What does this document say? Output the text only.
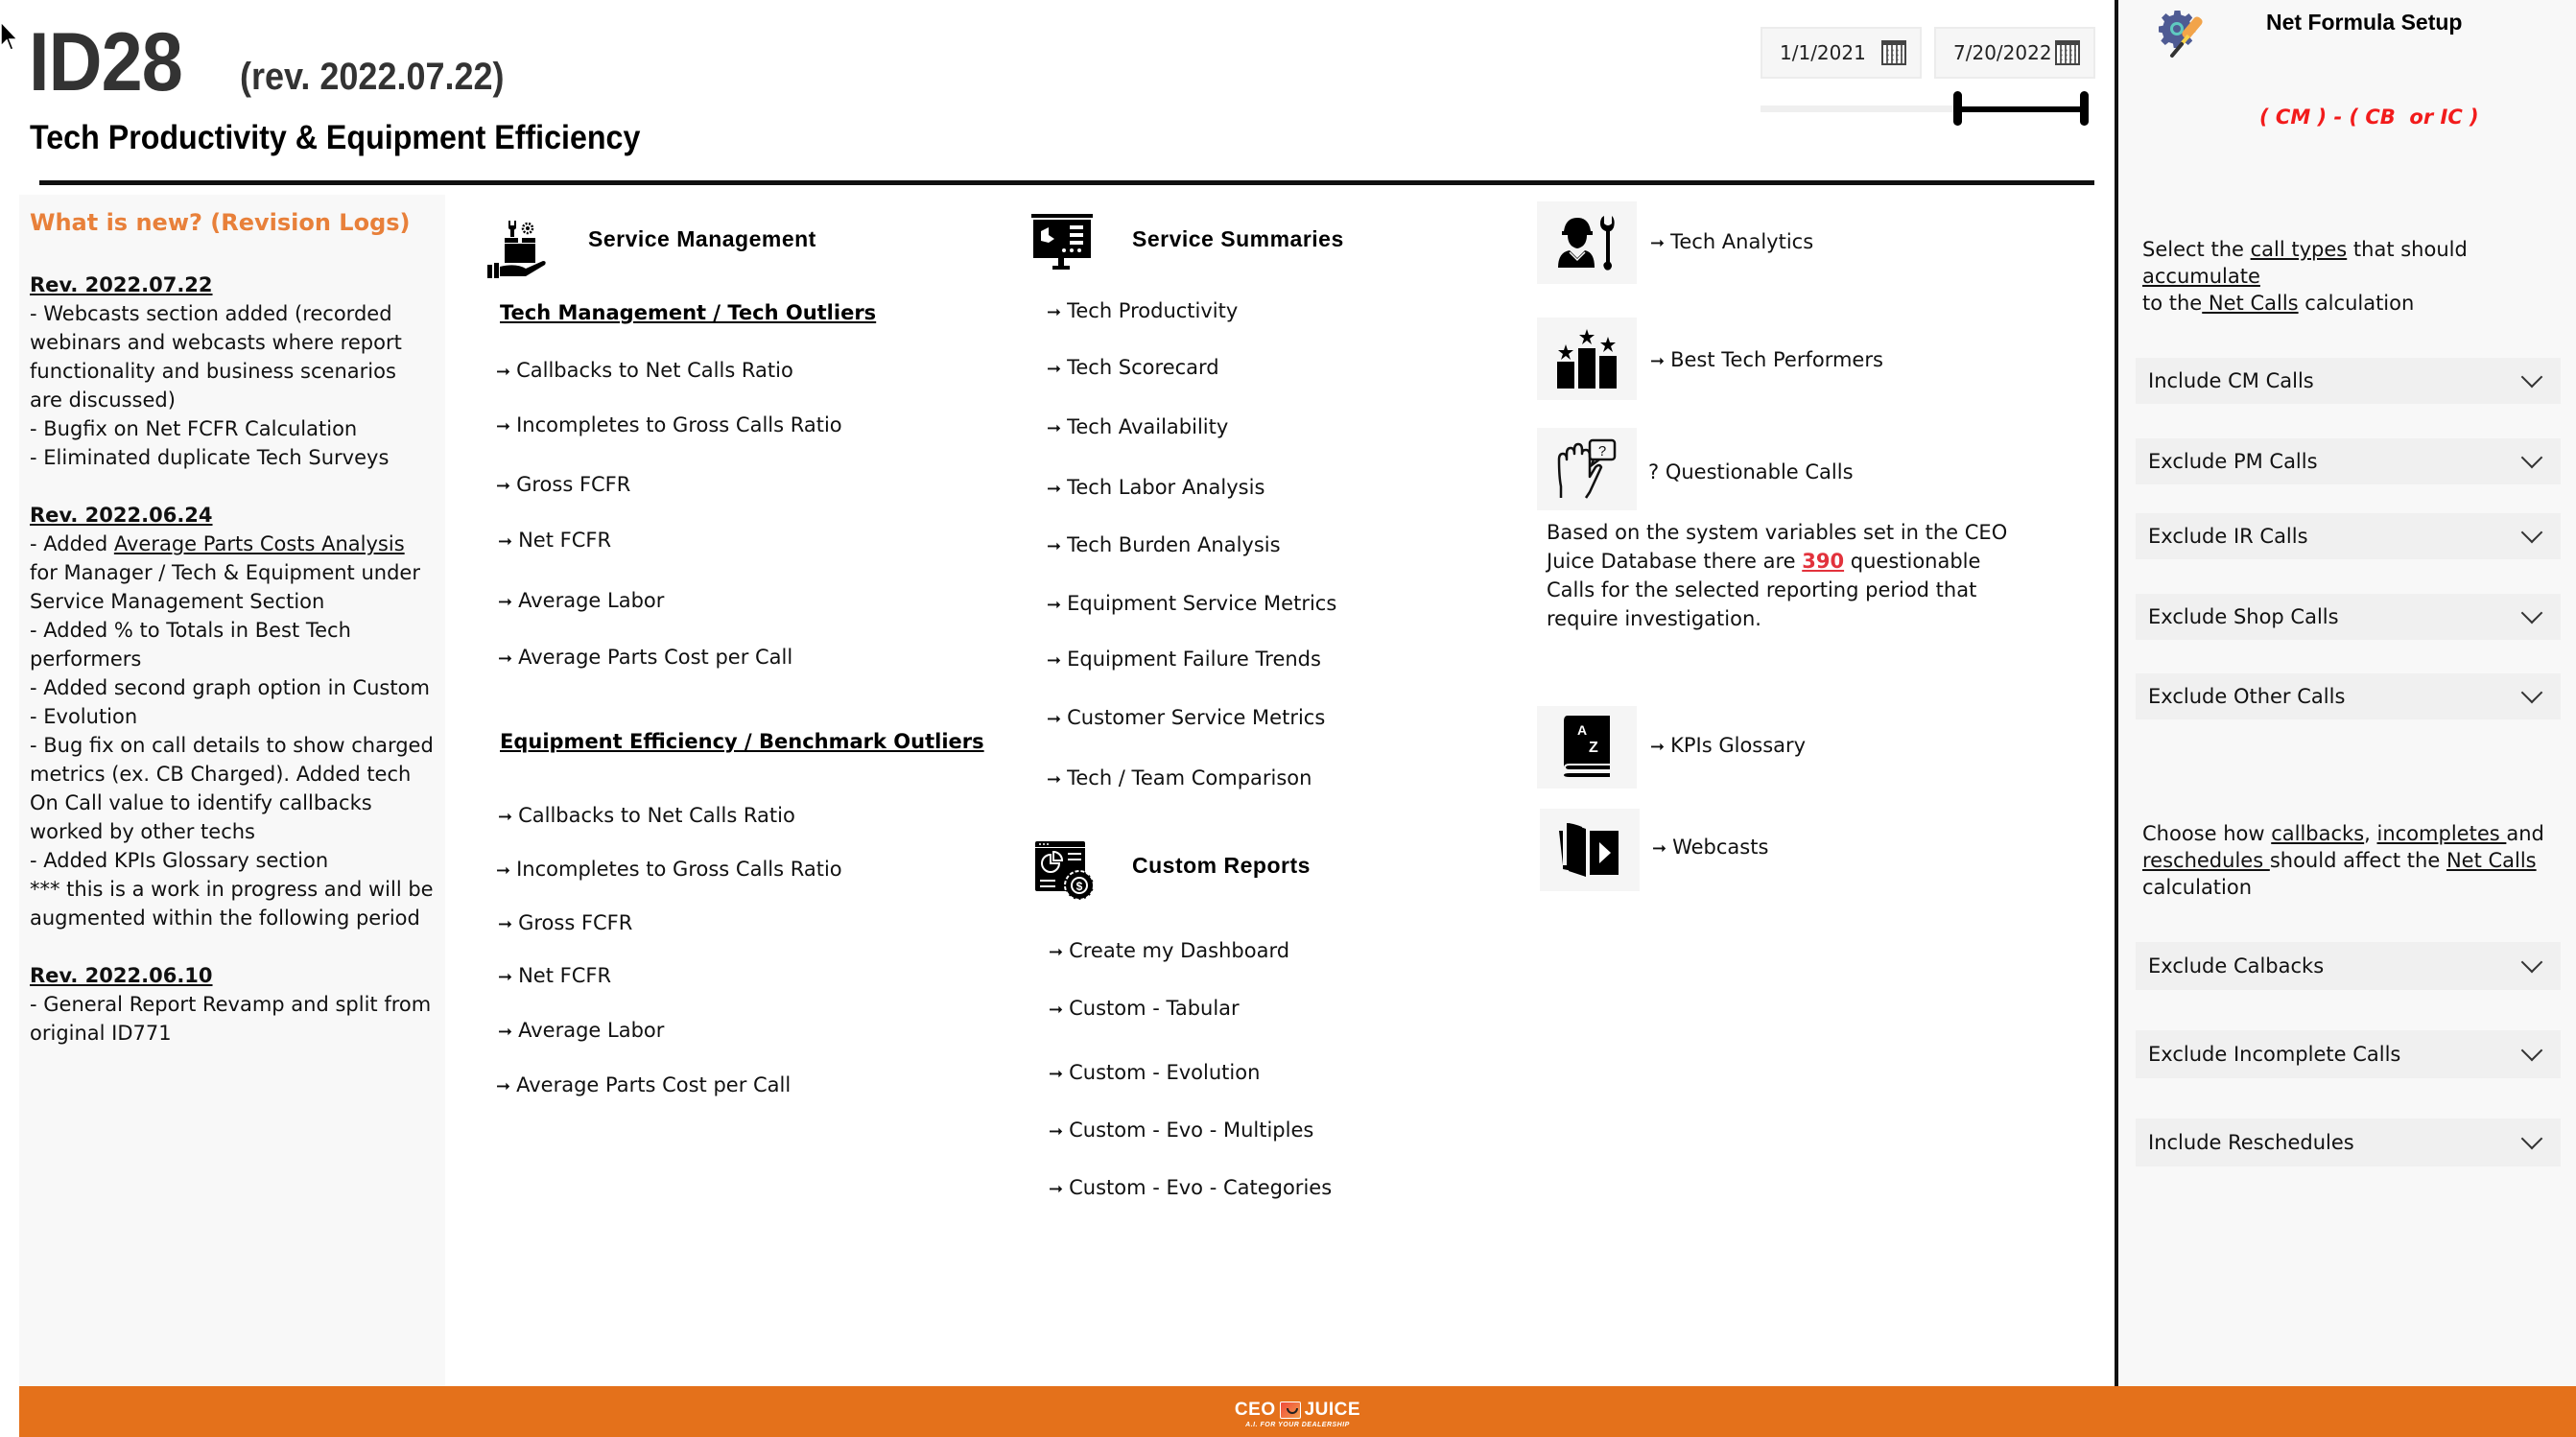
ID28 (rev. 2022.07.22)
Tech Productivity & Equipment Efficiency
1/1/2021	7/20/2022
What is new? (Revision Logs)
Rev. 2022.07.22
- Webcasts section added (recorded webinars and webcasts where report functionality and business scenarios are discussed)
- Bugfix on Net FCFR Calculation
- Eliminated duplicate Tech Surveys
Rev. 2022.06.24
- Added Average Parts Costs Analysis for Manager / Tech & Equipment under Service Management Section
- Added % to Totals in Best Tech performers
- Added second graph option in Custom - Evolution
- Bug fix on call details to show charged metrics (ex. CB Charged). Added tech On Call value to identify callbacks worked by other techs
- Added KPIs Glossary section
*** this is a work in progress and will be augmented within the following period
Rev. 2022.06.10
- General Report Revamp and split from original ID771
Service Management
Tech Management / Tech Outliers
➞ Callbacks to Net Calls Ratio
➞ Incompletes to Gross Calls Ratio
➞ Gross FCFR
➞ Net FCFR
➞ Average Labor
➞ Average Parts Cost per Call
Equipment Efficiency / Benchmark Outliers
➞ Callbacks to Net Calls Ratio
➞ Incompletes to Gross Calls Ratio
➞ Gross FCFR
➞ Net FCFR
➞ Average Labor
➞ Average Parts Cost per Call
Service Summaries
➞ Tech Productivity
➞ Tech Scorecard
➞ Tech Availability
➞ Tech Labor Analysis
➞ Tech Burden Analysis
➞ Equipment Service Metrics
➞ Equipment Failure Trends
➞ Customer Service Metrics
➞ Tech / Team Comparison
$
Custom Reports
➞ Create my Dashboard
➞ Custom - Tabular
➞ Custom - Evolution
➞ Custom - Evo - Multiples
➞ Custom - Evo - Categories
➞ Tech Analytics
➞ Best Tech Performers
?
? Questionable Calls
Based on the system variables set in the CEO Juice Database there are 390 questionable Calls for the selected reporting period that require investigation.
A
Z	➞ KPIs Glossary
➞ Webcasts
Net Formula Setup
( CM ) - ( CB  or IC )
Select the call types that should accumulate
to the Net Calls calculation
Include CM Calls
Exclude PM Calls
Exclude IR Calls
Exclude Shop Calls
Exclude Other Calls
Choose how callbacks, incompletes and
reschedules should affect the Net Calls
calculation
Exclude Calbacks
Exclude Incomplete Calls
Include Reschedules
CEO JUICE
A.I. FOR YOUR DEALERSHIP
